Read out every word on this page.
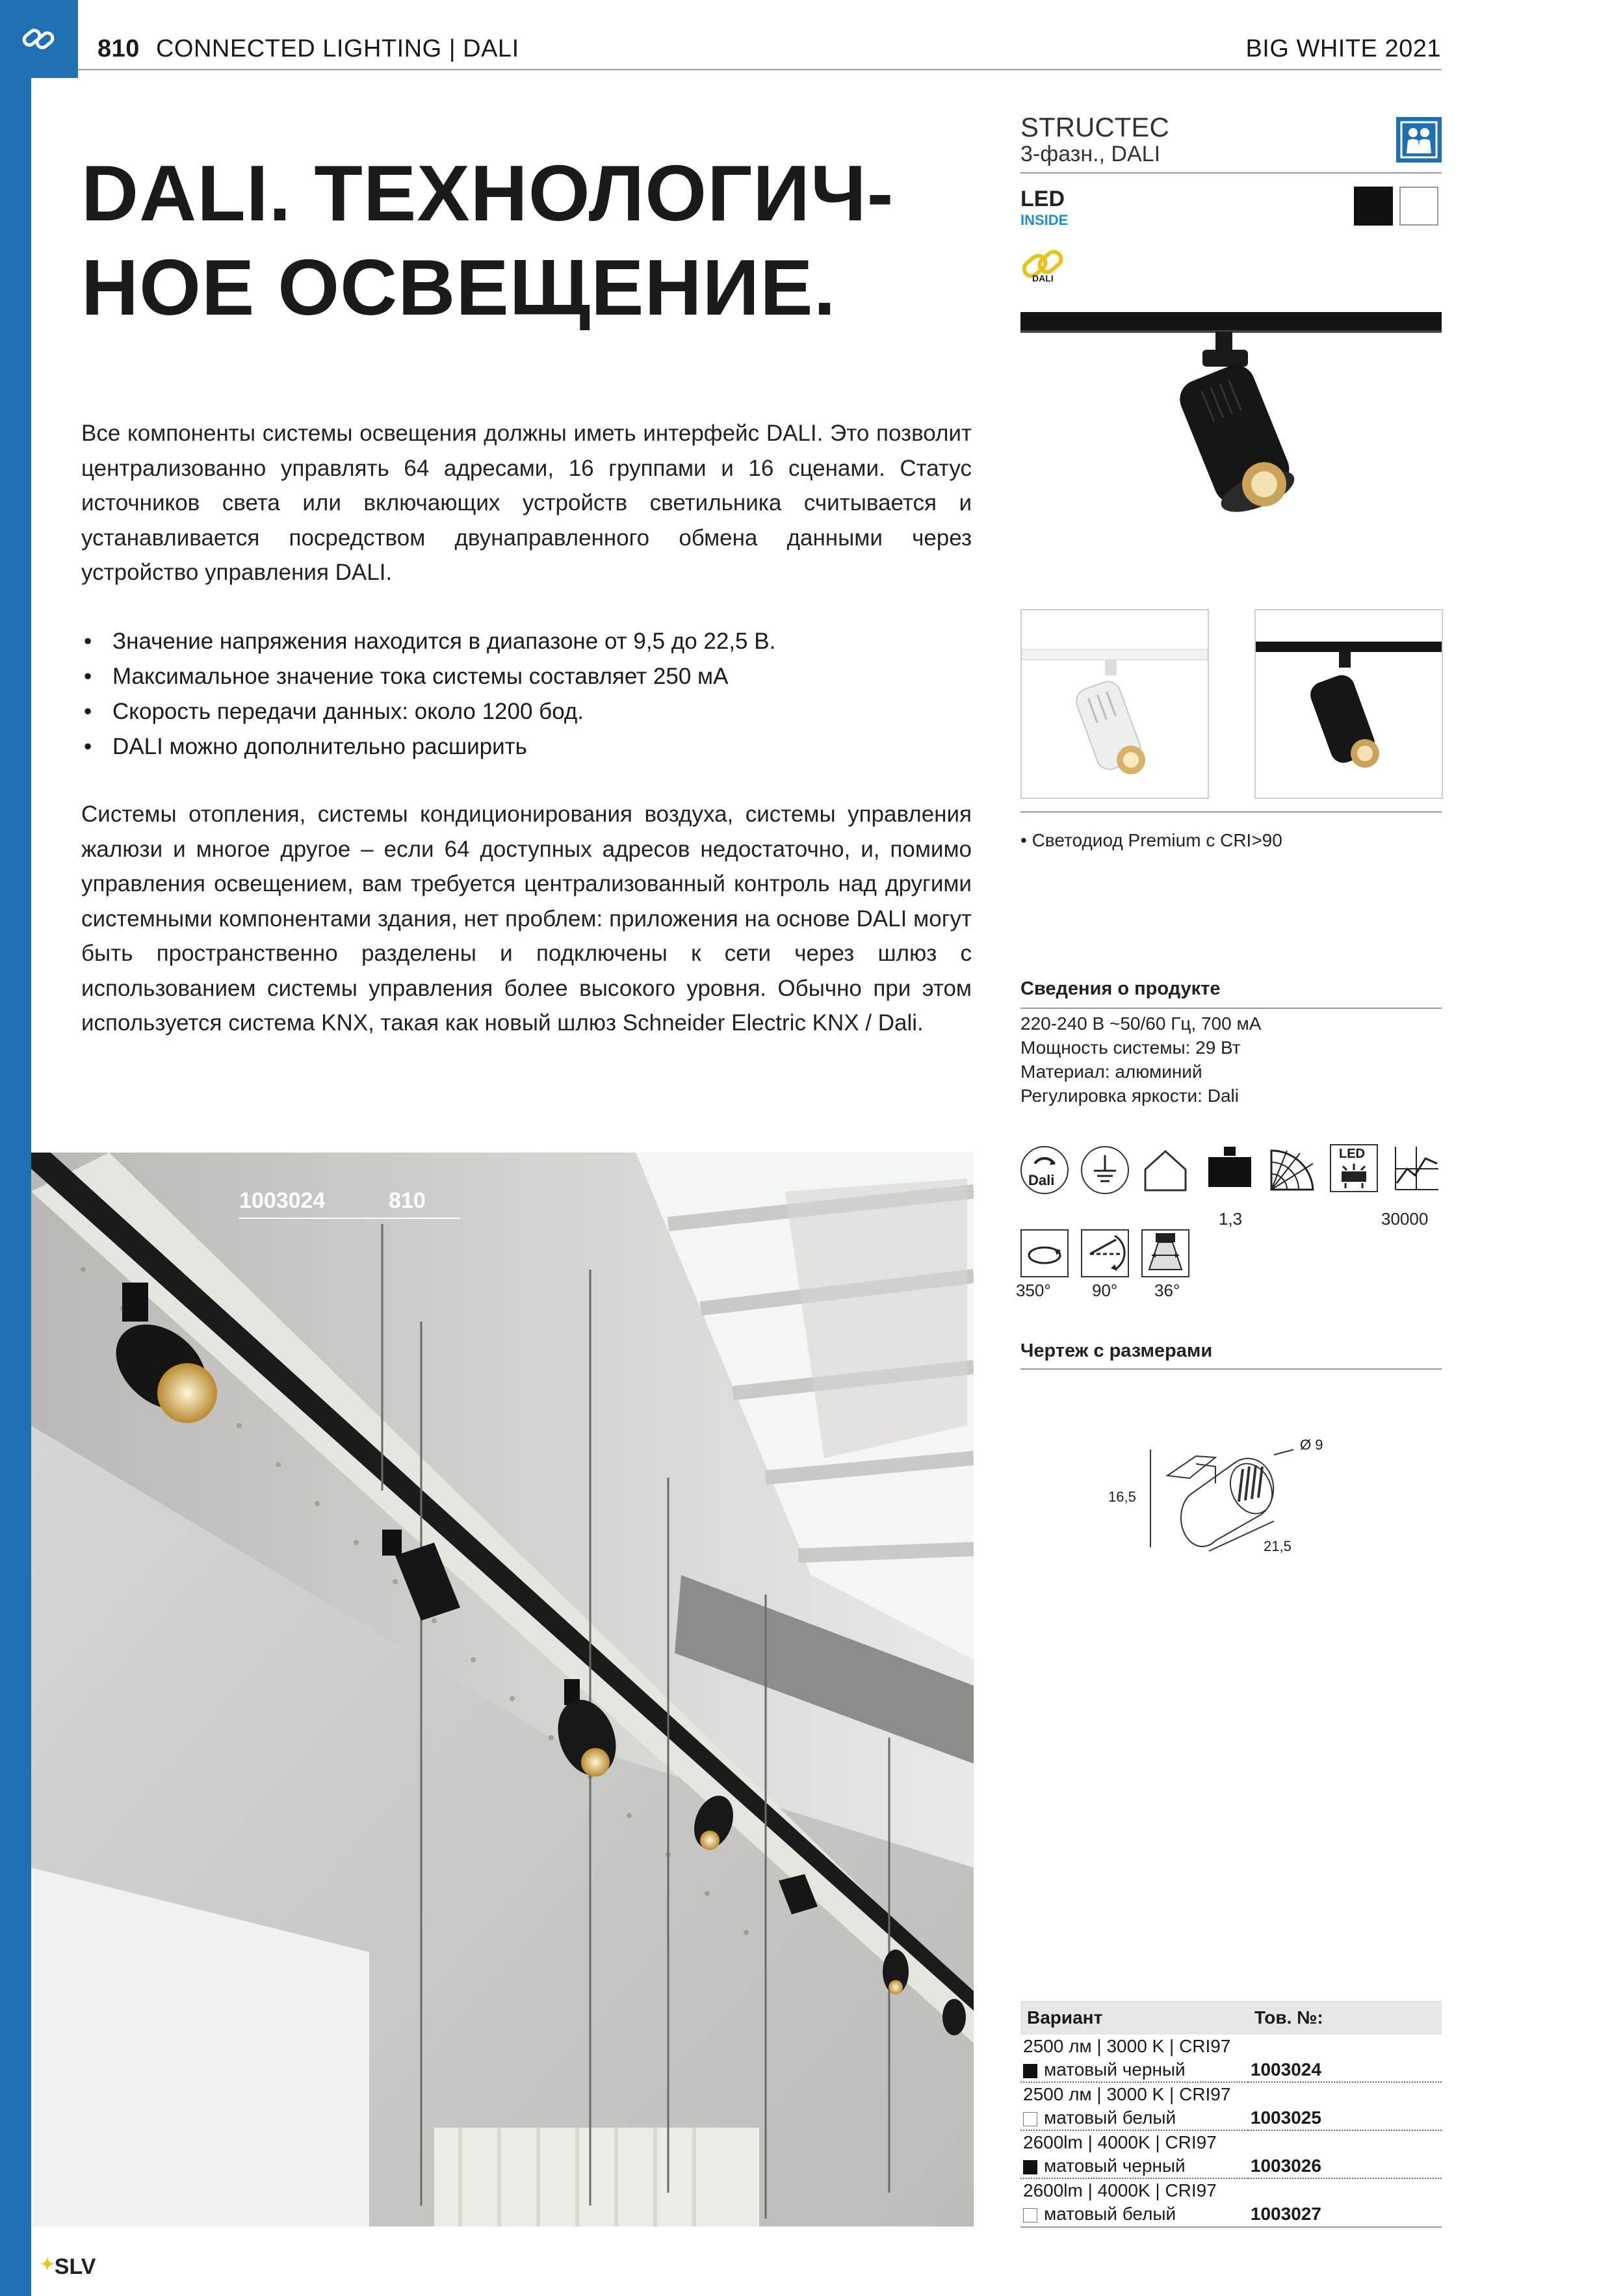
810 CONNECTED LIGHTING | DALI	BIG WHITE 2021
DALI. ТЕХНОЛОГИЧ-
НОЕ ОСВЕЩЕНИЕ.
Все компоненты системы освещения должны иметь интерфейс DALI. Это позволит централизованно управлять 64 адресами, 16 группами и 16 сценами. Статус источников света или включающих устройств светильника считывается и устанавливается посредством двунаправленного обмена данными через устройство управления DALI.
• Значение напряжения находится в диапазоне от 9,5 до 22,5 В.
• Максимальное значение тока системы составляет 250 мА
• Скорость передачи данных: около 1200 бод.
• DALI можно дополнительно расширить
Системы отопления, системы кондиционирования воздуха, системы управления жалюзи и многое другое – если 64 доступных адресов недостаточно, и, помимо управления освещением, вам требуется централизованный контроль над другими системными компонентами здания, нет проблем: приложения на основе DALI могут быть пространственно разделены и подключены к сети через шлюз с использованием системы управления более высокого уровня. Обычно при этом используется система KNX, такая как новый шлюз Schneider Electric KNX / Dali.
1003024	810
STRUCTEC
3-фазн., DALI
LED
INSIDE
DALI
• Светодиод Premium с CRI>90
Сведения о продукте
220-240 В ~50/60 Гц, 700 мА
Мощность системы: 29 Вт
Материал: алюминий
Регулировка яркости: Dali
Dali
1,3
LED
30000
350° 90° 36°
Чертеж с размерами
Ø 9
16,5
21,5
Вариант	Тов. №:
2500 лм | 3000 K | CRI97	
матовый черный	1003024
2500 лм | 3000 K | CRI97	
матовый белый	1003025
2600lm | 4000K | CRI97	
матовый черный	1003026
2600lm | 4000K | CRI97	
матовый белый	1003027
✦SLV
